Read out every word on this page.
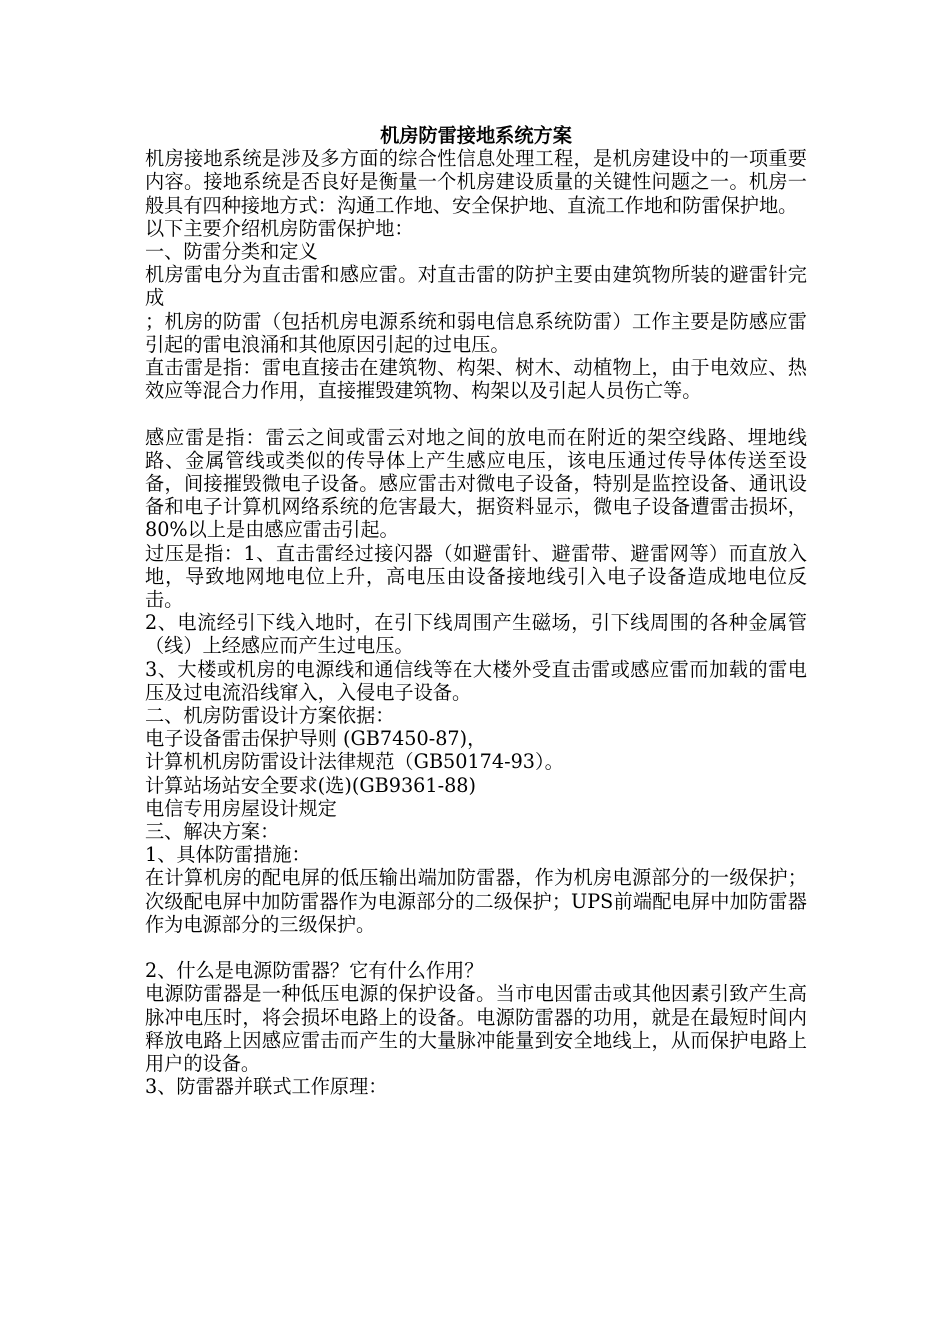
机房防雷接地系统方案

机房接地系统是涉及多方面的综合性信息处理工程，是机房建设中的一项重要内容。接地系统是否良好是衡量一个机房建设质量的关键性问题之一。机房一般具有四种接地方式：沟通工作地、安全保护地、直流工作地和防雷保护地。

以下主要介绍机房防雷保护地：

一、防雷分类和定义

机房雷电分为直击雷和感应雷。对直击雷的防护主要由建筑物所装的避雷针完成

；机房的防雷（包括机房电源系统和弱电信息系统防雷）工作主要是防感应雷引起的雷电浪涌和其他原因引起的过电压。

直击雷是指：雷电直接击在建筑物、构架、树木、动植物上，由于电效应、热效应等混合力作用，直接摧毁建筑物、构架以及引起人员伤亡等。

感应雷是指：雷云之间或雷云对地之间的放电而在附近的架空线路、埋地线路、金属管线或类似的传导体上产生感应电压，该电压通过传导体传送至设备，间接摧毁微电子设备。感应雷击对微电子设备，特别是监控设备、通讯设备和电子计算机网络系统的危害最大，据资料显示，微电子设备遭雷击损坏，80%以上是由感应雷击引起。

过压是指：1、直击雷经过接闪器（如避雷针、避雷带、避雷网等）而直放入地，导致地网地电位上升，高电压由设备接地线引入电子设备造成地电位反击。

2、电流经引下线入地时，在引下线周围产生磁场，引下线周围的各种金属管（线）上经感应而产生过电压。

3、大楼或机房的电源线和通信线等在大楼外受直击雷或感应雷而加载的雷电压及过电流沿线窜入，入侵电子设备。

二、机房防雷设计方案依据：

电子设备雷击保护导则 (GB7450-87)，

计算机机房防雷设计法律规范（GB50174-93）。

计算站场站安全要求(选)(GB9361-88)

电信专用房屋设计规定

三、解决方案：

1、具体防雷措施：

在计算机房的配电屏的低压输出端加防雷器，作为机房电源部分的一级保护；次级配电屏中加防雷器作为电源部分的二级保护；UPS前端配电屏中加防雷器作为电源部分的三级保护。

2、什么是电源防雷器？它有什么作用？

电源防雷器是一种低压电源的保护设备。当市电因雷击或其他因素引致产生高脉冲电压时，将会损坏电路上的设备。电源防雷器的功用，就是在最短时间内释放电路上因感应雷击而产生的大量脉冲能量到安全地线上，从而保护电路上用户的设备。

3、防雷器并联式工作原理：
